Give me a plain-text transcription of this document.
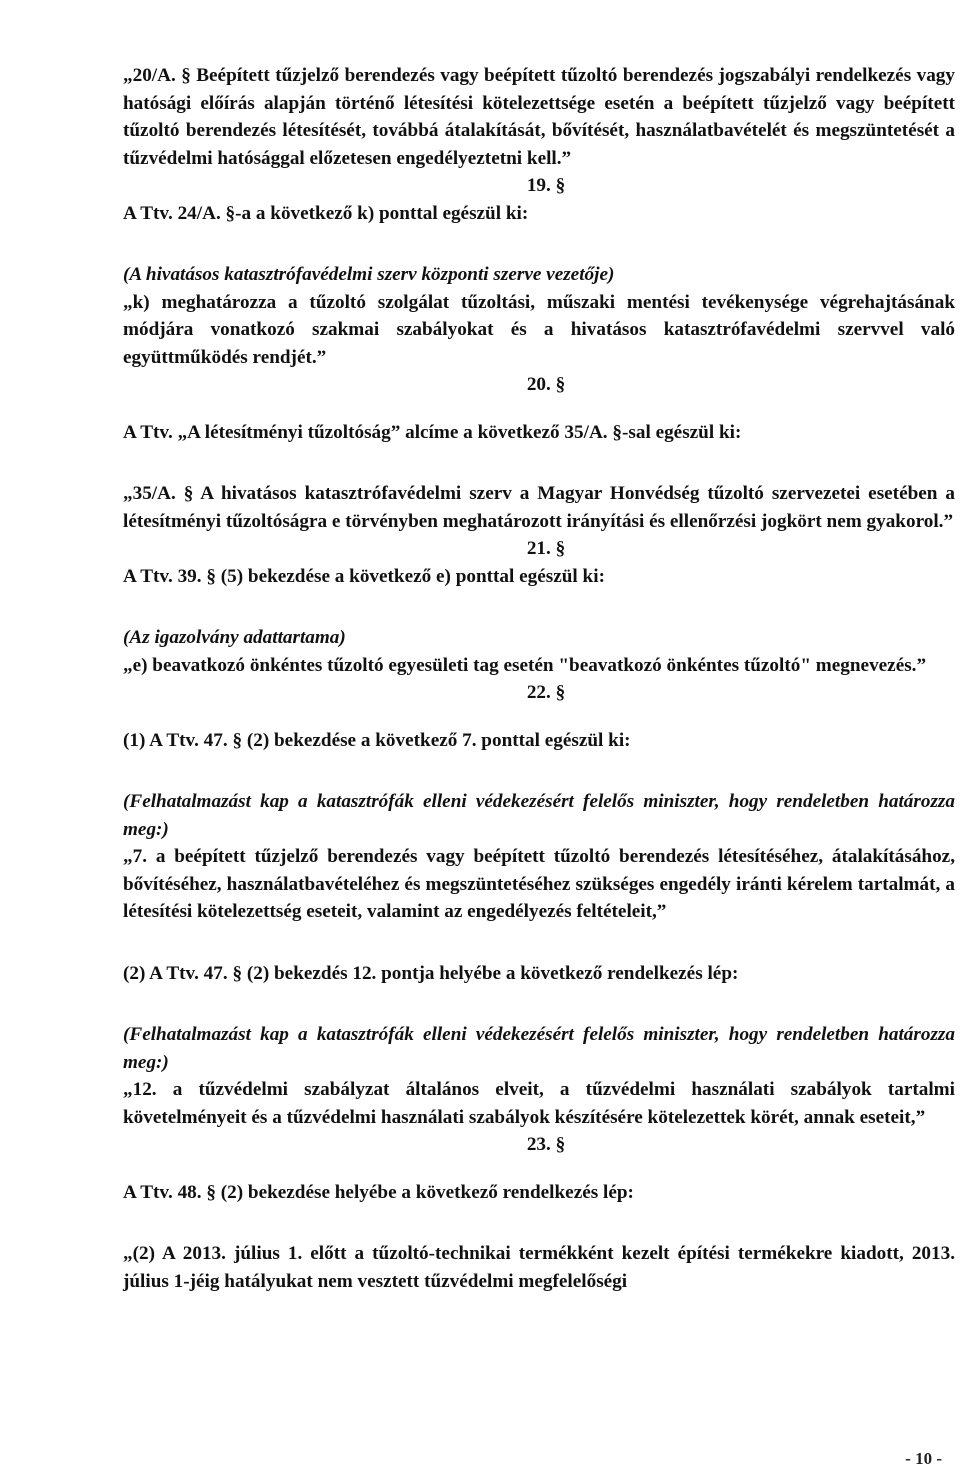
„20/A. § Beépített tűzjelző berendezés vagy beépített tűzoltó berendezés jogszabályi rendelkezés vagy hatósági előírás alapján történő létesítési kötelezettsége esetén a beépített tűzjelző vagy beépített tűzoltó berendezés létesítését, továbbá átalakítását, bővítését, használatbavételét és megszüntetését a tűzvédelmi hatósággal előzetesen engedélyeztetni kell.”

19. §

A Ttv. 24/A. §-a a következő k) ponttal egészül ki:

(A hivatásos katasztrófavédelmi szerv központi szerve vezetője)

„k) meghatározza a tűzoltó szolgálat tűzoltási, műszaki mentési tevékenysége végrehajtásának módjára vonatkozó szakmai szabályokat és a hivatásos katasztrófavédelmi szervvel való együttműködés rendjét.”

20. §

A Ttv. „A létesítményi tűzoltóság” alcíme a következő 35/A. §-sal egészül ki:

„35/A. § A hivatásos katasztrófavédelmi szerv a Magyar Honvédség tűzoltó szervezetei esetében a létesítményi tűzoltóságra e törvényben meghatározott irányítási és ellenőrzési jogkört nem gyakorol.”

21. §

A Ttv. 39. § (5) bekezdése a következő e) ponttal egészül ki:

(Az igazolvány adattartama)

„e) beavatkozó önkéntes tűzoltó egyesületi tag esetén "beavatkozó önkéntes tűzoltó" megnevezés.”

22. §

(1) A Ttv. 47. § (2) bekezdése a következő 7. ponttal egészül ki:

(Felhatalmazást kap a katasztrófák elleni védekezésért felelős miniszter, hogy rendeletben határozza meg:)

„7. a beépített tűzjelző berendezés vagy beépített tűzoltó berendezés létesítéséhez, átalakításához, bővítéséhez, használatbavételéhez és megszüntetéséhez szükséges engedély iránti kérelem tartalmát, a létesítési kötelezettség eseteit, valamint az engedélyezés feltételeit,”

(2) A Ttv. 47. § (2) bekezdés 12. pontja helyébe a következő rendelkezés lép:

(Felhatalmazást kap a katasztrófák elleni védekezésért felelős miniszter, hogy rendeletben határozza meg:)

„12. a tűzvédelmi szabályzat általános elveit, a tűzvédelmi használati szabályok tartalmi követelményeit és a tűzvédelmi használati szabályok készítésére kötelezettek körét, annak eseteit,”

23. §

A Ttv. 48. § (2) bekezdése helyébe a következő rendelkezés lép:

„(2) A 2013. július 1. előtt a tűzoltó-technikai termékként kezelt építési termékekre kiadott, 2013. július 1-jéig hatályukat nem vesztett tűzvédelmi megfelelőségi

- 10 -
